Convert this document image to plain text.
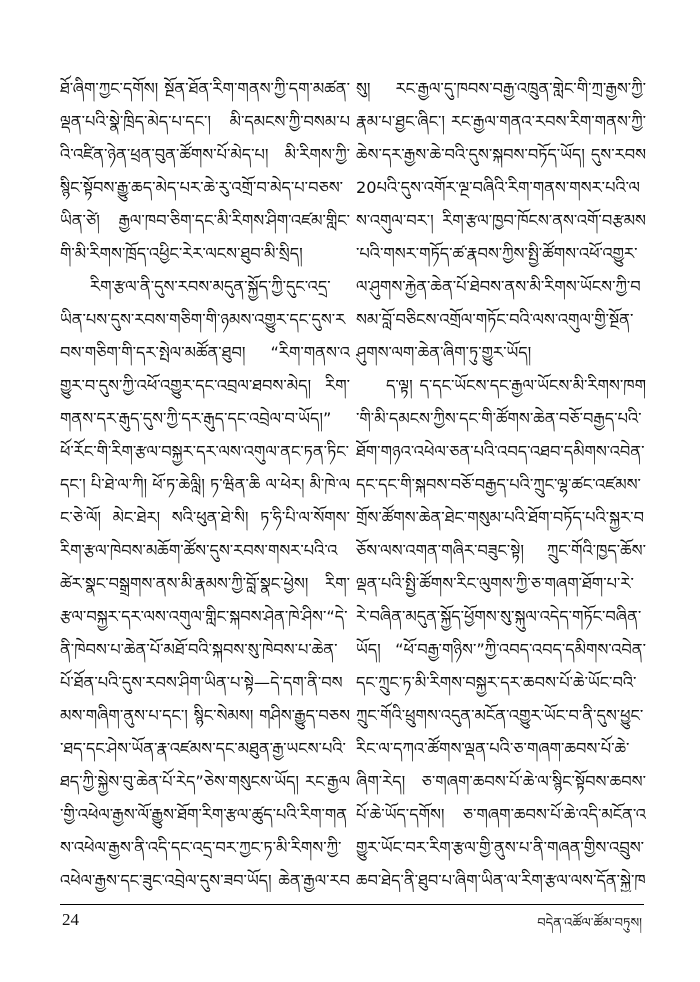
ཐོ་ཞིག་ཀྱང་དགོས། སྔོན་ཐོན་རིག་གནས་ཀྱི་དག་མཚན་ལྡན་པའི་སྣེ་ཁྲིད་མེད་པ་དང་། མི་དམངས་ཀྱི་བསམ་པའི་འཛིན་ཉེན་ཕྲན་བུན་ཚོགས་པོ་མེད་པ། མི་རིགས་ཀྱི་སྙིང་སྟོབས་རྒྱུ་ཆད་མེད་པར་ཆེ་རུ་འགྲོ་བ་མེད་པ་བཅས་ཡིན་ཙེ། རྒྱལ་ཁབ་ཅིག་དང་མི་རིགས་ཤིག་འཛམ་གླིང་གི་མི་རིགས་ཁྲོད་འཕྱིང་རེར་ལངས་ཐུབ་མི་སྲིད།

རིག་རྩལ་ནི་དུས་རབས་མདུན་སྐྱོད་ཀྱི་དུང་འདྲ་ཡིན་པས་དུས་རབས་གཅིག་གི་ཉམས་འགྱུར་དང་དུས་རབས་གཅིག་གི་དར་སྤེལ་མཚོན་ཐུབ། “རིག་གནས་འགྱུར་བ་དུས་ཀྱི་འཕོ་འགྱུར་དང་འབྲལ་ཐབས་མེད། རིག་གནས་དར་རྒུད་དུས་ཀྱི་དར་རྒུད་དང་འབྲེལ་བ་ཡོད།” ཕོ་རོང་གི་རིག་རྩལ་བསྐྱར་དར་ལས་འགུལ་ནང་ཏན་ཏིང་དང་། པི་ཐེ་ལ་ཀི། ཕོ་ཏ་ཆེལླི། ཏ་ཝིན་ཆི ལ་ཕེར། མི་ཁེ་ལང་ཅེ་ལོ། མེང་ཐེར། སའི་ཕུན་ཐེ་སི། ཏ་ཧི་པི་ལ་སོགས་རིག་རྩལ་ཁེབས་མཆོག་ཚོས་དུས་རབས་གསར་པའི་འཚེར་སྣང་བསྒྲགས་ནས་མི་རྣམས་ཀྱི་བློ་སྣང་ཕྱེས། རིག་རྩལ་བསྐྱར་དར་ལས་འགུལ་གླིང་སྐབས་ཤེན་ཁེ་ཤིས་“དེ་ནི་ཁེབས་པ་ཆེན་པོ་མཐོ་བའི་སྐབས་སུ་ཁེབས་པ་ཆེན་པོ་ཐོན་པའི་དུས་རབས་ཤིག་ཡིན་པ་སྟེ—དེ་དག་ནི་བསམས་གཞིག་ནུས་པ་དང་། སྙིང་སེམས། གཤིས་རྒྱུད་བཅས་ཐད་དང་ཤེས་ཡོན་རྣ་འཛམས་དང་མཐུན་རྒྱ་ཡངས་པའི་ཐད་ཀྱི་སྐྱེས་བུ་ཆེན་པོ་རེད”ཅེས་གསུངས་ཡོད། རང་རྒྱལ་གྱི་འཕེལ་རྒྱས་ལོ་རྒྱུས་ཐོག་རིག་རྩལ་ཚུད་པའི་རིག་གནས་འཕེལ་རྒྱས་ནི་འདི་དང་འདྲ་བར་ཀྱང་ཏ་མི་རིགས་ཀྱི་འཕེལ་རྒྱས་དང་ཟུང་འབྲེལ་དུས་ཟབ་ཡོད། ཆེན་རྒྱལ་རབ

སུ། རང་རྒྱལ་དུ་ཁབས་བརྒྱ་འཁྲུན་གླེང་གི་ཀྲ་རྒྱས་ཀྱི་རྣམ་པ་ཐྱང་ཞིང་། རང་རྒྱལ་གནའ་རབས་རིག་གནས་ཀྱི་ཆེས་དར་རྒྱས་ཆེ་བའི་དུས་སྐབས་བཏོད་ཡོད། དུས་རབས20པའི་དུས་འགོར་ལྔ་བཞིའི་རིག་གནས་གསར་པའི་ལས་འགུལ་བར་། རིག་རྩལ་ཁྱབ་ཁོངས་ནས་འགོ་བརྩམས་པའི་གསར་གཏོད་ཚ་རྣབས་ཀྱིས་སྤྱི་ཚོགས་འཕོ་འགྱུར་ལ་ཤུགས་རྐྱེན་ཆེན་པོ་ཐེབས་ནས་མི་རིགས་ཡོངས་ཀྱི་བསམ་བློ་བཅིངས་འགྲོལ་གཏོང་བའི་ལས་འགུལ་གྱི་སྔོན་ཤུགས་ལག་ཆེན་ཞིག་ཏུ་གྱུར་ཡོད།

ད་ལྟ། ད་དང་ཡོངས་དང་རྒྱལ་ཡོངས་མི་རིགས་ཁག་གི་མི་དམངས་ཀྱིས་དང་གི་ཚོགས་ཆེན་བཅོ་བརྒྱད་པའི་ཐོག་གཉའ་འཕེལ་ཅན་པའི་འབད་འཐབ་དམིགས་འབེན་དང་དང་གི་སྐབས་བཅོ་བརྒྱད་པའི་ཀྲུང་ལྷ་ཚང་འཛམས་གྲོས་ཚོགས་ཆེན་ཐེང་གསུམ་པའི་ཐོག་བཏོད་པའི་སྐྱར་བཅོས་ལས་འགན་གཞིར་བཟུང་སྟེ། ཀྲུང་གོའི་ཁྱད་ཆོས་ལྡན་པའི་སྤྱི་ཚོགས་རིང་ལུགས་ཀྱི་ཅ་གཞག་ཐོག་པ་རེ་རེ་བཞིན་མདུན་སྐྱོད་ཕྱོགས་སུ་སྐུལ་འདེད་གཏོང་བཞིན་ཡོད། “ཕོ་བརྒྱ་གཉིས་”ཀྱི་འབད་འབད་དམིགས་འབེན་དང་ཀྲུང་ཏ་མི་རིགས་བསྐྱར་དར་ཆབས་པོ་ཆེ་ཡོང་བའི་ཀྲུང་གོའི་ཕྲུགས་འདུན་མངོན་འགྱུར་ཡོང་བ་ནི་དུས་ཕྱུང་རིང་ལ་དཀའ་ཚོགས་ལྡན་པའི་ཅ་གཞག་ཆབས་པོ་ཆེ་ཞིག་རེད། ཅ་གཞག་ཆབས་པོ་ཆེ་ལ་སྙིང་སྟོབས་ཆབས་པོ་ཆེ་ཡོད་དགོས། ཅ་གཞག་ཆབས་པོ་ཆེ་འདི་མངོན་འགྱུར་ཡོང་བར་རིག་རྩལ་གྱི་ནུས་པ་ནི་གཞན་གྱིས་འབྲུས་ཆབ་ཐེད་ནི་ཐུབ་པ་ཞིག་ཡིན་ལ་རིག་རྩལ་ལས་དོན་སྐྱེ་ཁ

24	བདེན་འཚོལ་ཚོམ་བཏུས།
